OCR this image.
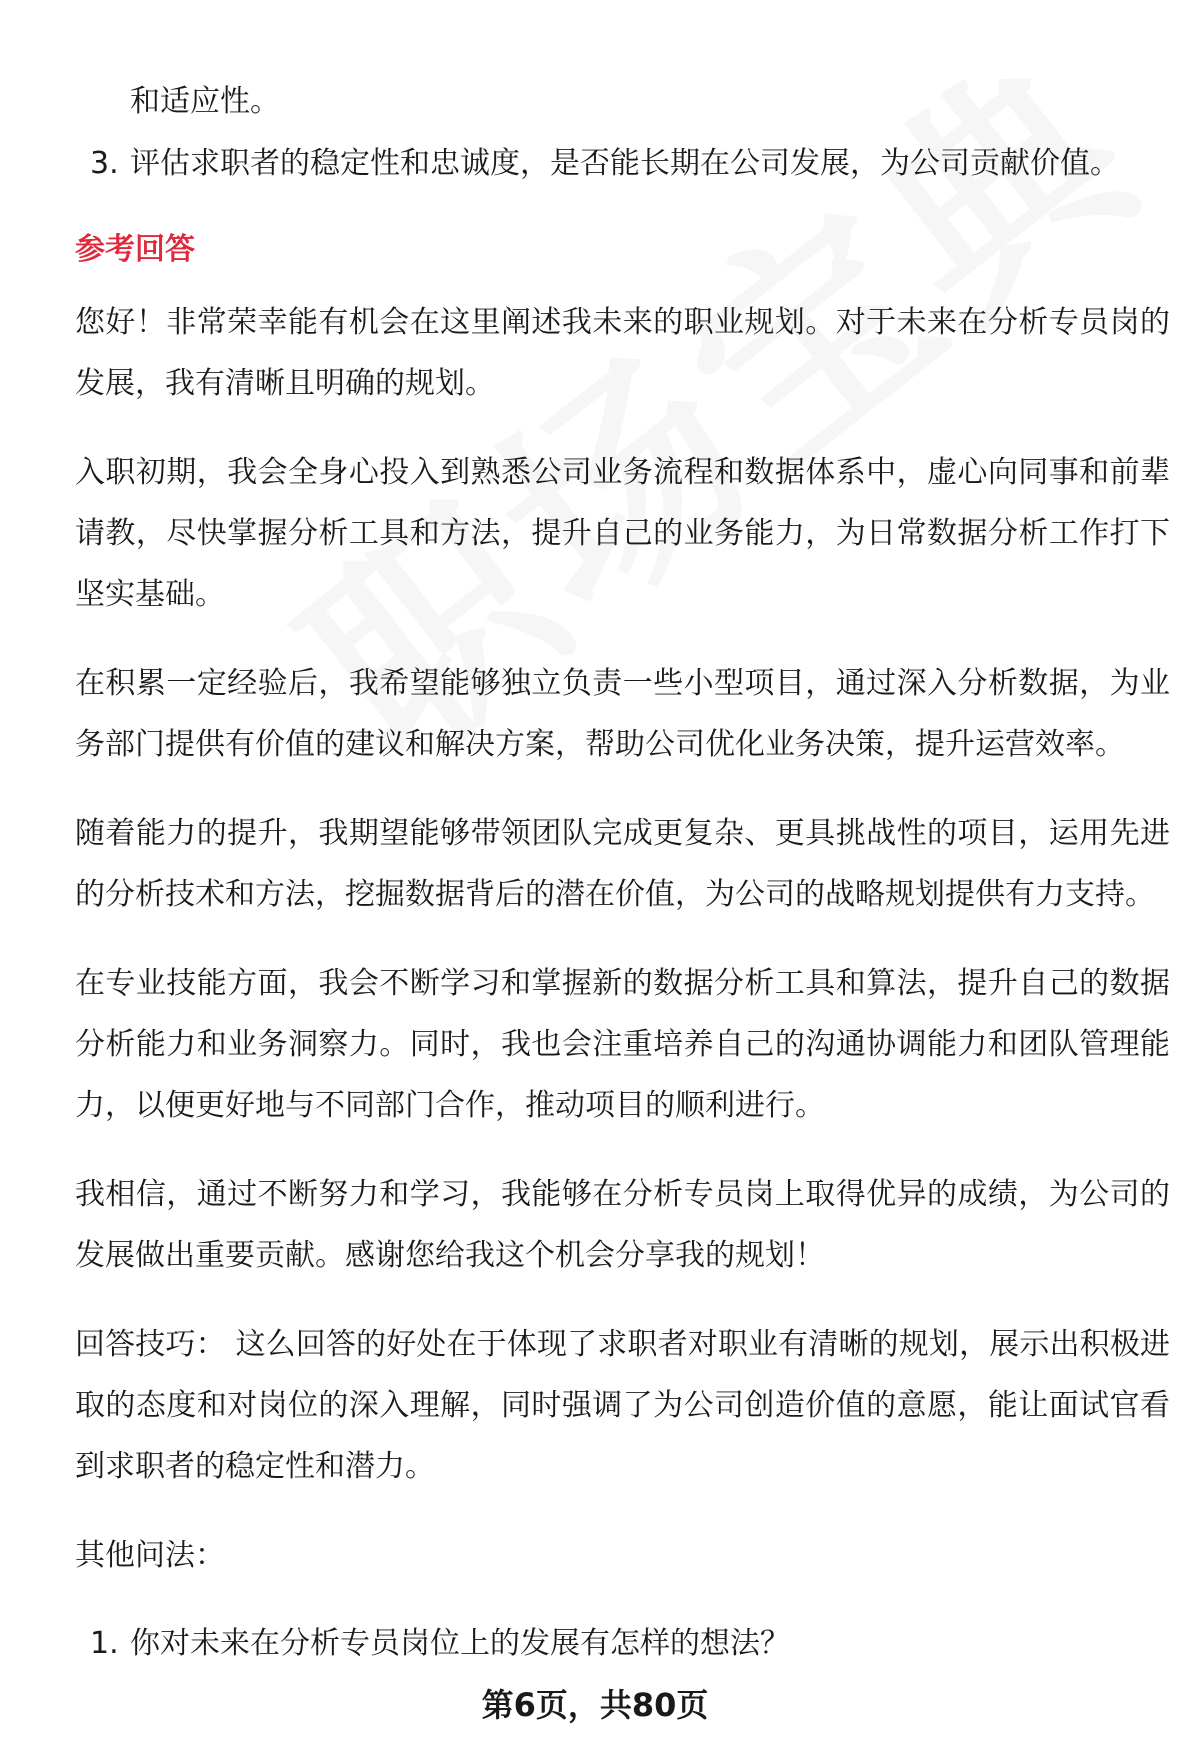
和适应性。
3. 评估求职者的稳定性和忠诚度，是否能长期在公司发展，为公司贡献价值。
参考回答
您好！非常荣幸能有机会在这里阐述我未来的职业规划。对于未来在分析专员岗的发展，我有清晰且明确的规划。
入职初期，我会全身心投入到熟悉公司业务流程和数据体系中，虚心向同事和前辈请教，尽快掌握分析工具和方法，提升自己的业务能力，为日常数据分析工作打下坚实基础。
在积累一定经验后，我希望能够独立负责一些小型项目，通过深入分析数据，为业务部门提供有价值的建议和解决方案，帮助公司优化业务决策，提升运营效率。
随着能力的提升，我期望能够带领团队完成更复杂、更具挑战性的项目，运用先进的分析技术和方法，挖掘数据背后的潜在价值，为公司的战略规划提供有力支持。
在专业技能方面，我会不断学习和掌握新的数据分析工具和算法，提升自己的数据分析能力和业务洞察力。同时，我也会注重培养自己的沟通协调能力和团队管理能力，以便更好地与不同部门合作，推动项目的顺利进行。
我相信，通过不断努力和学习，我能够在分析专员岗上取得优异的成绩，为公司的发展做出重要贡献。感谢您给我这个机会分享我的规划！
回答技巧： 这么回答的好处在于体现了求职者对职业有清晰的规划，展示出积极进取的态度和对岗位的深入理解，同时强调了为公司创造价值的意愿，能让面试官看到求职者的稳定性和潜力。
其他问法：
1. 你对未来在分析专员岗位上的发展有怎样的想法？
第6页，共80页
